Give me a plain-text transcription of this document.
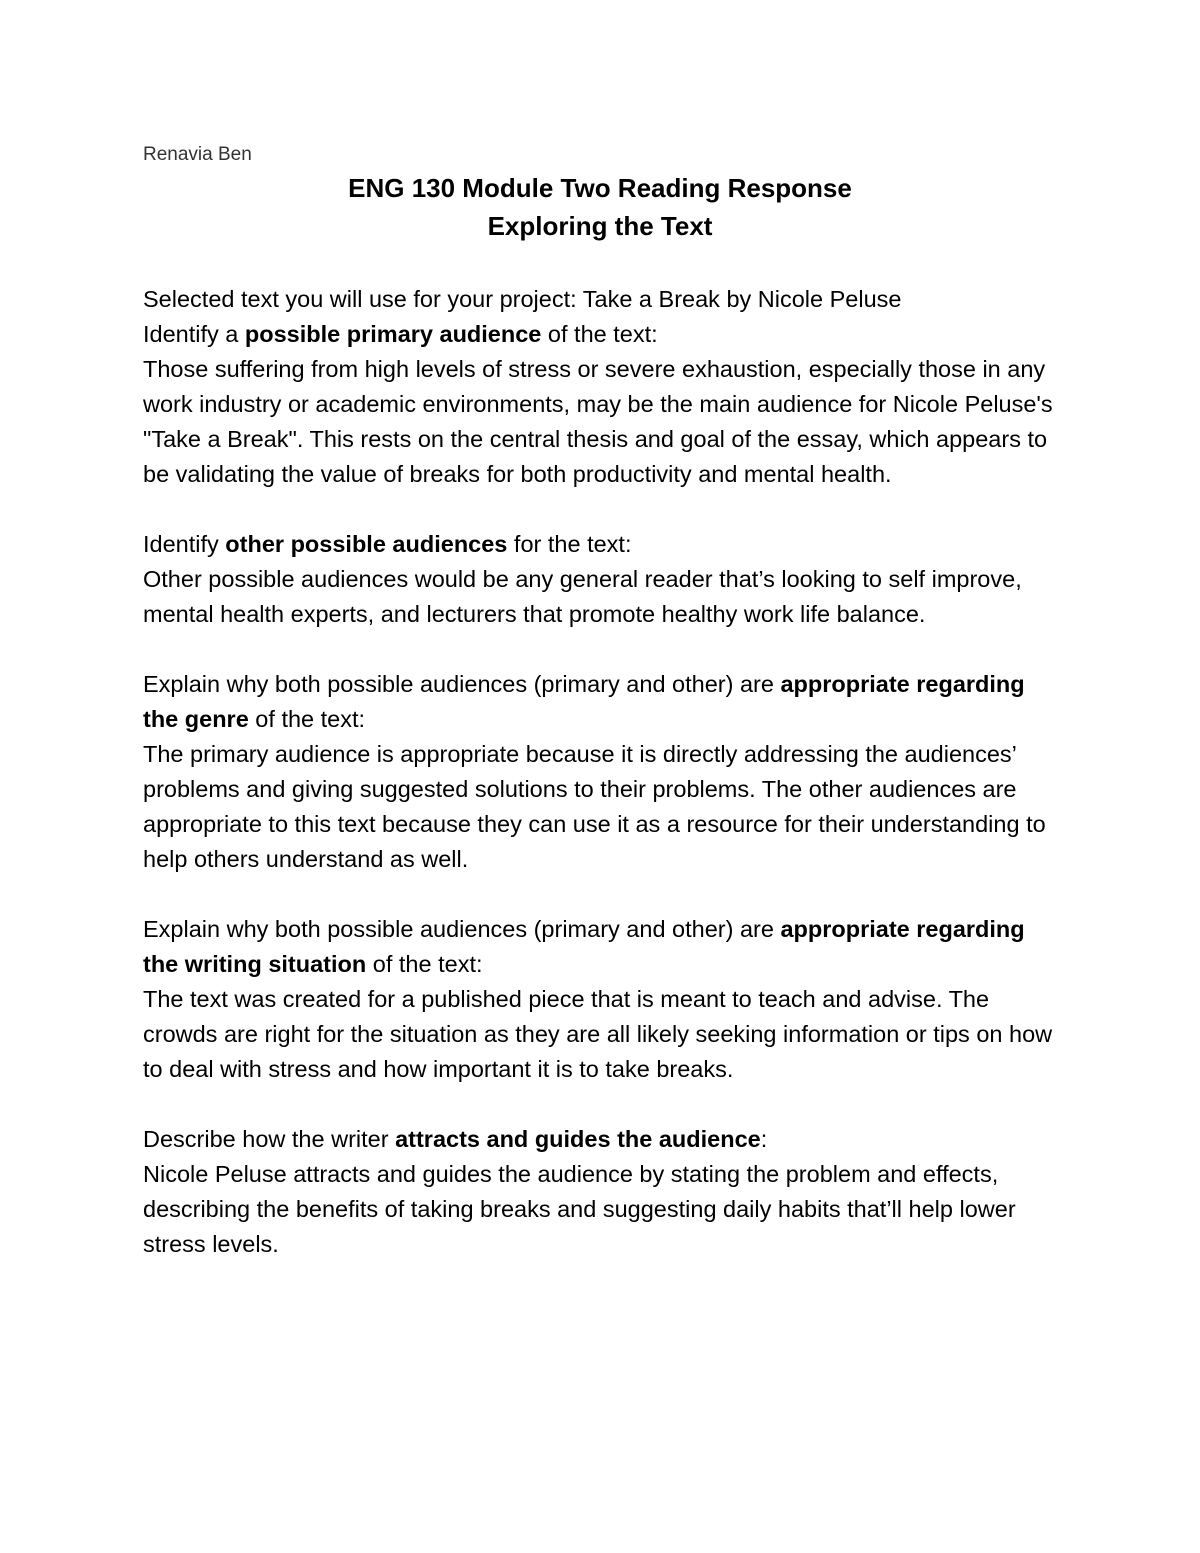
Renavia Ben
ENG 130 Module Two Reading Response
Exploring the Text

Selected text you will use for your project: Take a Break by Nicole Peluse

Identify a possible primary audience of the text:

Those suffering from high levels of stress or severe exhaustion, especially those in any work industry or academic environments, may be the main audience for Nicole Peluse's "Take a Break". This rests on the central thesis and goal of the essay, which appears to be validating the value of breaks for both productivity and mental health.

Identify other possible audiences for the text:

Other possible audiences would be any general reader that’s looking to self improve, mental health experts, and lecturers that promote healthy work life balance.

Explain why both possible audiences (primary and other) are appropriate regarding the genre of the text:

The primary audience is appropriate because it is directly addressing the audiences’ problems and giving suggested solutions to their problems. The other audiences are appropriate to this text because they can use it as a resource for their understanding to help others understand as well.

Explain why both possible audiences (primary and other) are appropriate regarding the writing situation of the text:

The text was created for a published piece that is meant to teach and advise. The crowds are right for the situation as they are all likely seeking information or tips on how to deal with stress and how important it is to take breaks.

Describe how the writer attracts and guides the audience:

Nicole Peluse attracts and guides the audience by stating the problem and effects, describing the benefits of taking breaks and suggesting daily habits that’ll help lower stress levels.
